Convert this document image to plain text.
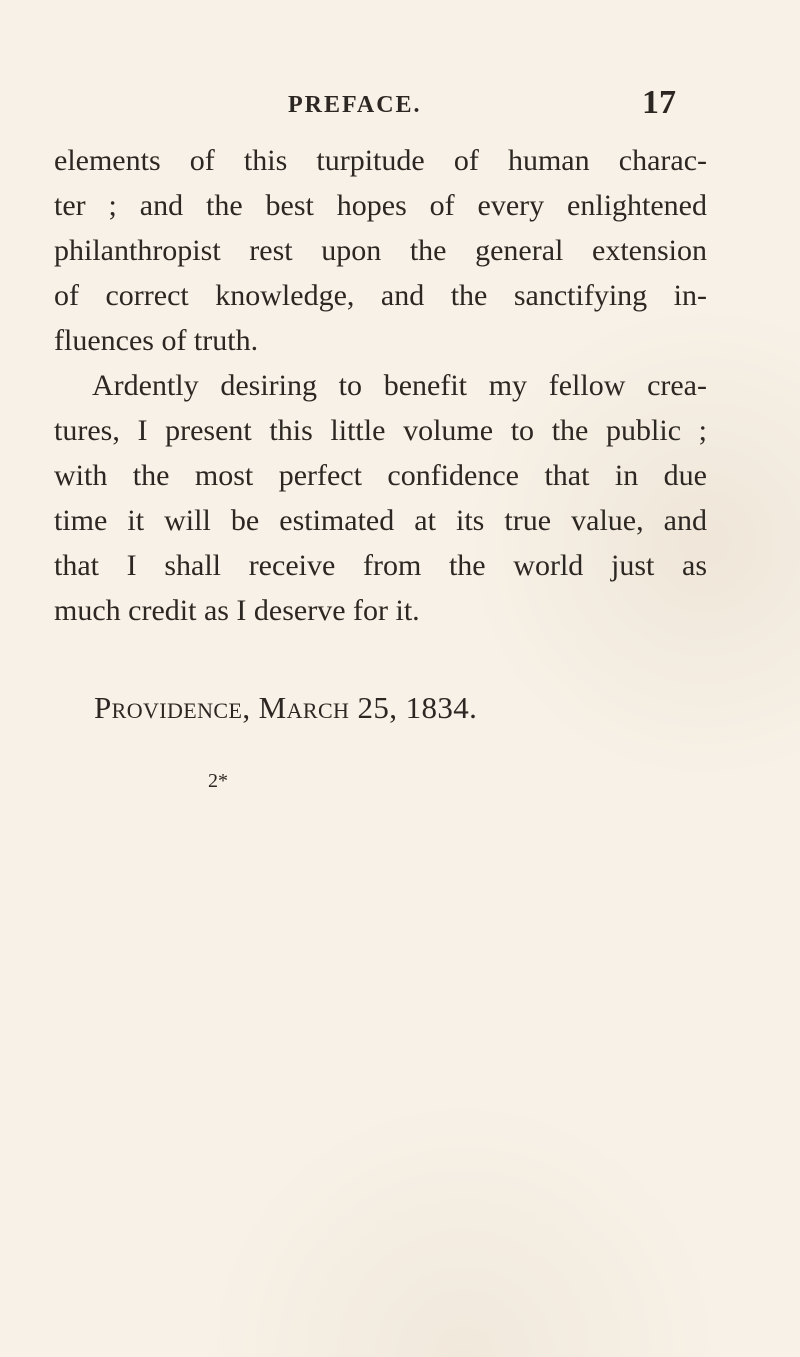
PREFACE.	17
elements of this turpitude of human charac-
ter ; and the best hopes of every enlightened
philanthropist rest upon the general extension
of correct knowledge, and the sanctifying in-
fluences of truth.
Ardently desiring to benefit my fellow crea-
tures, I present this little volume to the public ;
with the most perfect confidence that in due
time it will be estimated at its true value, and
that I shall receive from the world just as
much credit as I deserve for it.
Providence, March 25, 1834.
2*
